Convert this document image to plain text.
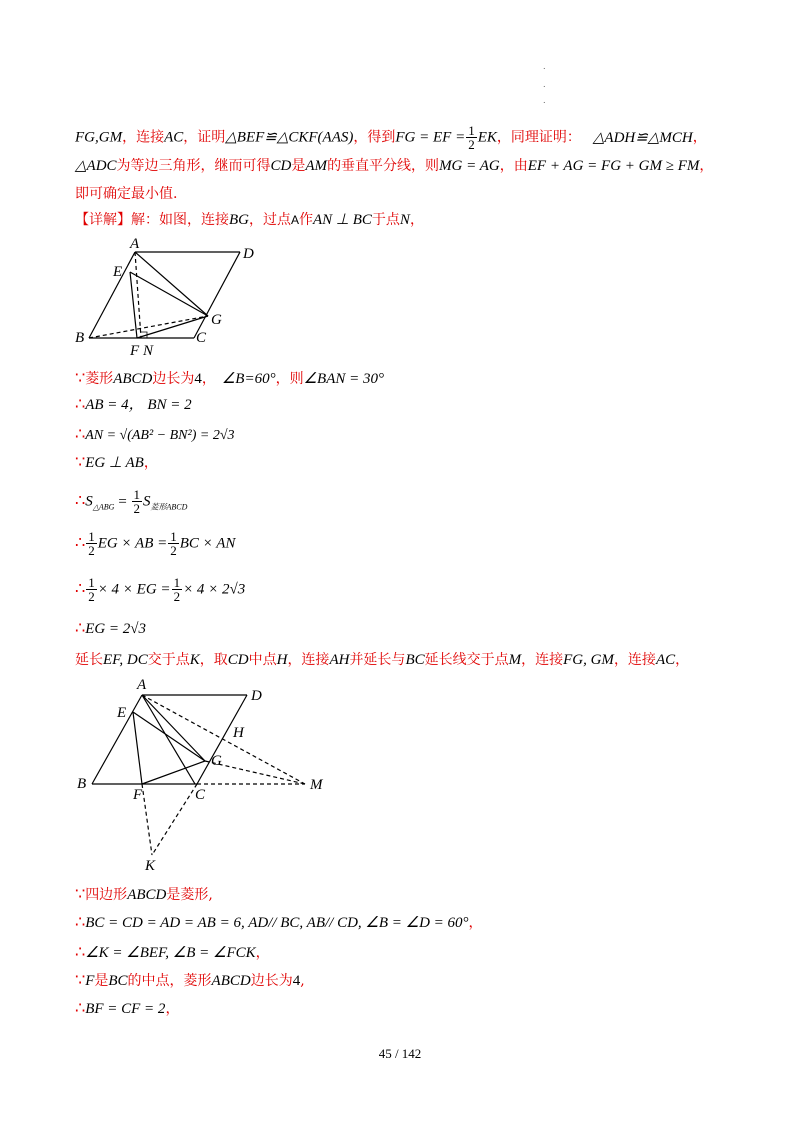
.
.
.
FG,GM，连接AC，证明△BEF≌△CKF(AAS)，得到FG = EF = $\frac{1}{2}$ EK，同理证明： △ADH≌△MCH，
△ADC为等边三角形，继而可得CD是AM的垂直平分线，则MG = AG，由EF + AG = FG + GM ≥ FM，
即可确定最小值.
【详解】解：如图，连接BG，过点A作AN ⊥ BC于点N，
A
D
E
G
B	C
F N
∵菱形ABCD边长为4， ∠B=60°，则∠BAN = 30°
∴AB = 4， BN = 2
∴AN = √(AB² − BN²) = 2√3
∵EG ⊥ AB，
$\therefore S_{\triangle ABG} = \frac{1}{2} S_{菱形ABCD}$
∴ $\frac{1}{2}$ EG × AB = $\frac{1}{2}$ BC × AN
∴ $\frac{1}{2} \times 4$ × EG = $\frac{1}{2} \times 4 \times 2√3$
∴EG = 2√3
延长EF, DC交于点K，取CD中点H，连接AH并延长与BC延长线交于点M，连接FG, GM，连接AC，
A
D
E
H
G
B
F	C
M
K
∵四边形ABCD是菱形,
∴BC = CD = AD = AB = 6, AD// BC, AB// CD, ∠B = ∠D = 60°，
∴∠K = ∠BEF, ∠B = ∠FCK，
∵F是BC的中点，菱形ABCD边长为4,
∴BF = CF = 2，
45 / 142
